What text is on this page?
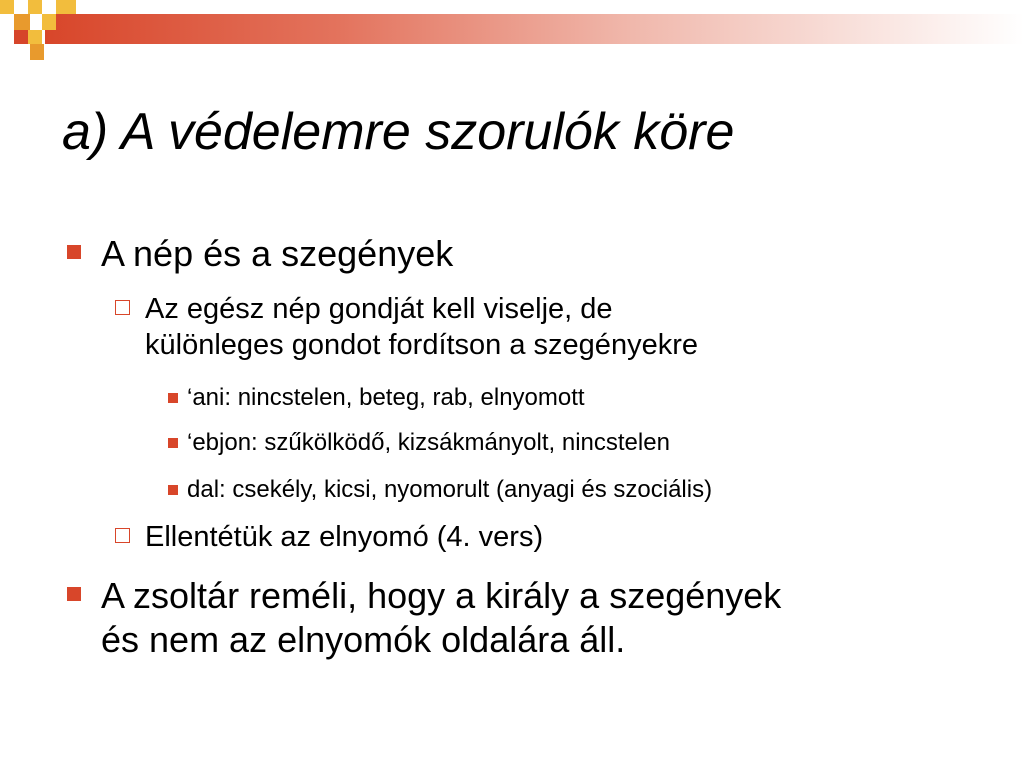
a) A védelemre szorulók köre
A nép és a szegények
Az egész nép gondját kell viselje, de
különleges gondot fordítson a szegényekre
‘ani: nincstelen, beteg, rab, elnyomott
‘ebjon: szűkölködő, kizsákmányolt, nincstelen
dal: csekély, kicsi, nyomorult (anyagi és szociális)
Ellentétük az elnyomó (4. vers)
A zsoltár reméli, hogy a király a szegények
és nem az elnyomók oldalára áll.
